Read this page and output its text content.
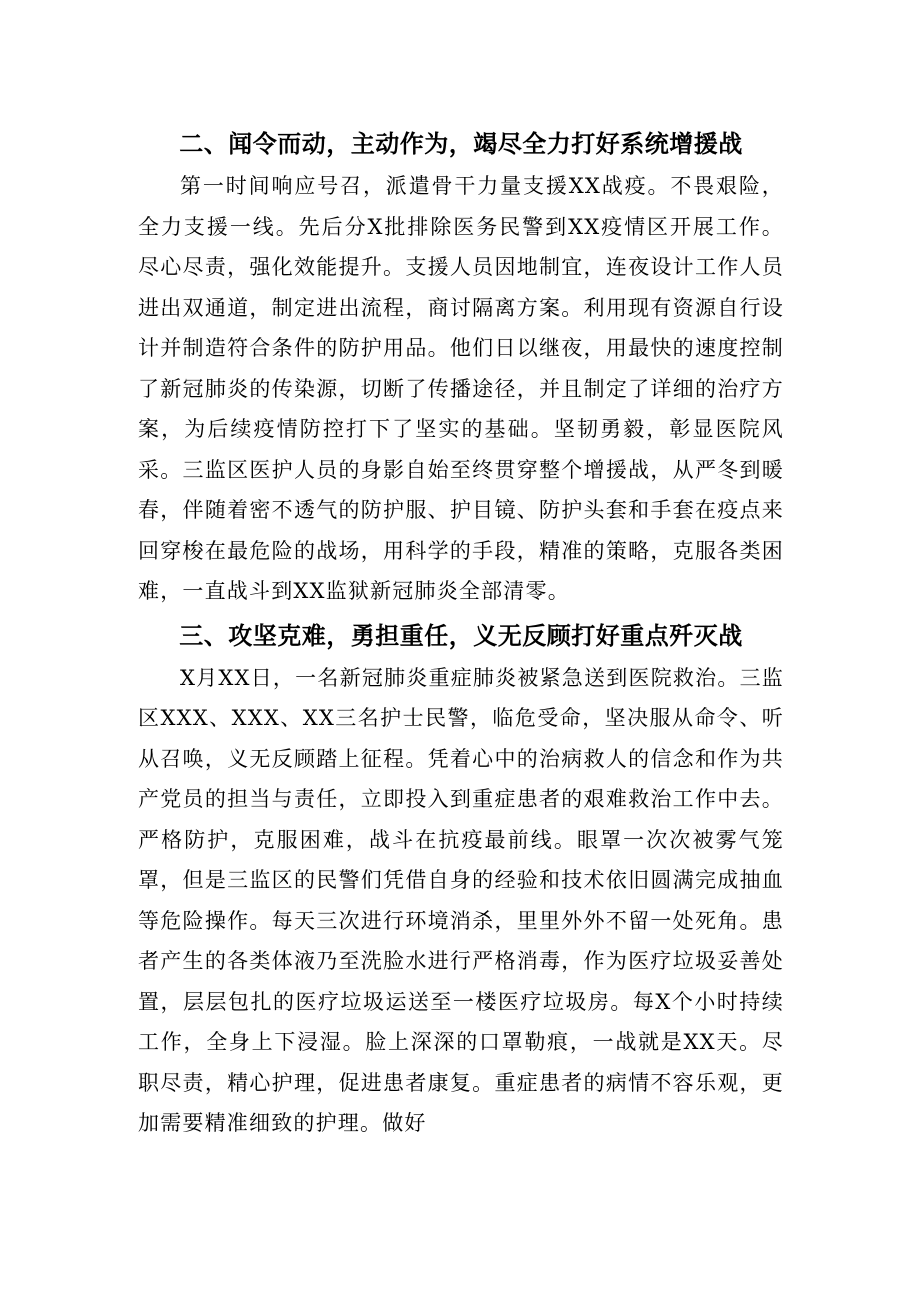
二、闻令而动，主动作为，竭尽全力打好系统增援战

第一时间响应号召，派遣骨干力量支援XX战疫。不畏艰险，全力支援一线。先后分X批排除医务民警到XX疫情区开展工作。尽心尽责，强化效能提升。支援人员因地制宜，连夜设计工作人员进出双通道，制定进出流程，商讨隔离方案。利用现有资源自行设计并制造符合条件的防护用品。他们日以继夜，用最快的速度控制了新冠肺炎的传染源，切断了传播途径，并且制定了详细的治疗方案，为后续疫情防控打下了坚实的基础。坚韧勇毅，彰显医院风采。三监区医护人员的身影自始至终贯穿整个增援战，从严冬到暖春，伴随着密不透气的防护服、护目镜、防护头套和手套在疫点来回穿梭在最危险的战场，用科学的手段，精准的策略，克服各类困难，一直战斗到XX监狱新冠肺炎全部清零。

三、攻坚克难，勇担重任，义无反顾打好重点歼灭战

X月XX日，一名新冠肺炎重症肺炎被紧急送到医院救治。三监区XXX、XXX、XX三名护士民警，临危受命，坚决服从命令、听从召唤，义无反顾踏上征程。凭着心中的治病救人的信念和作为共产党员的担当与责任，立即投入到重症患者的艰难救治工作中去。严格防护，克服困难，战斗在抗疫最前线。眼罩一次次被雾气笼罩，但是三监区的民警们凭借自身的经验和技术依旧圆满完成抽血等危险操作。每天三次进行环境消杀，里里外外不留一处死角。患者产生的各类体液乃至洗脸水进行严格消毒，作为医疗垃圾妥善处置，层层包扎的医疗垃圾运送至一楼医疗垃圾房。每X个小时持续工作，全身上下浸湿。脸上深深的口罩勒痕，一战就是XX天。尽职尽责，精心护理，促进患者康复。重症患者的病情不容乐观，更加需要精准细致的护理。做好
